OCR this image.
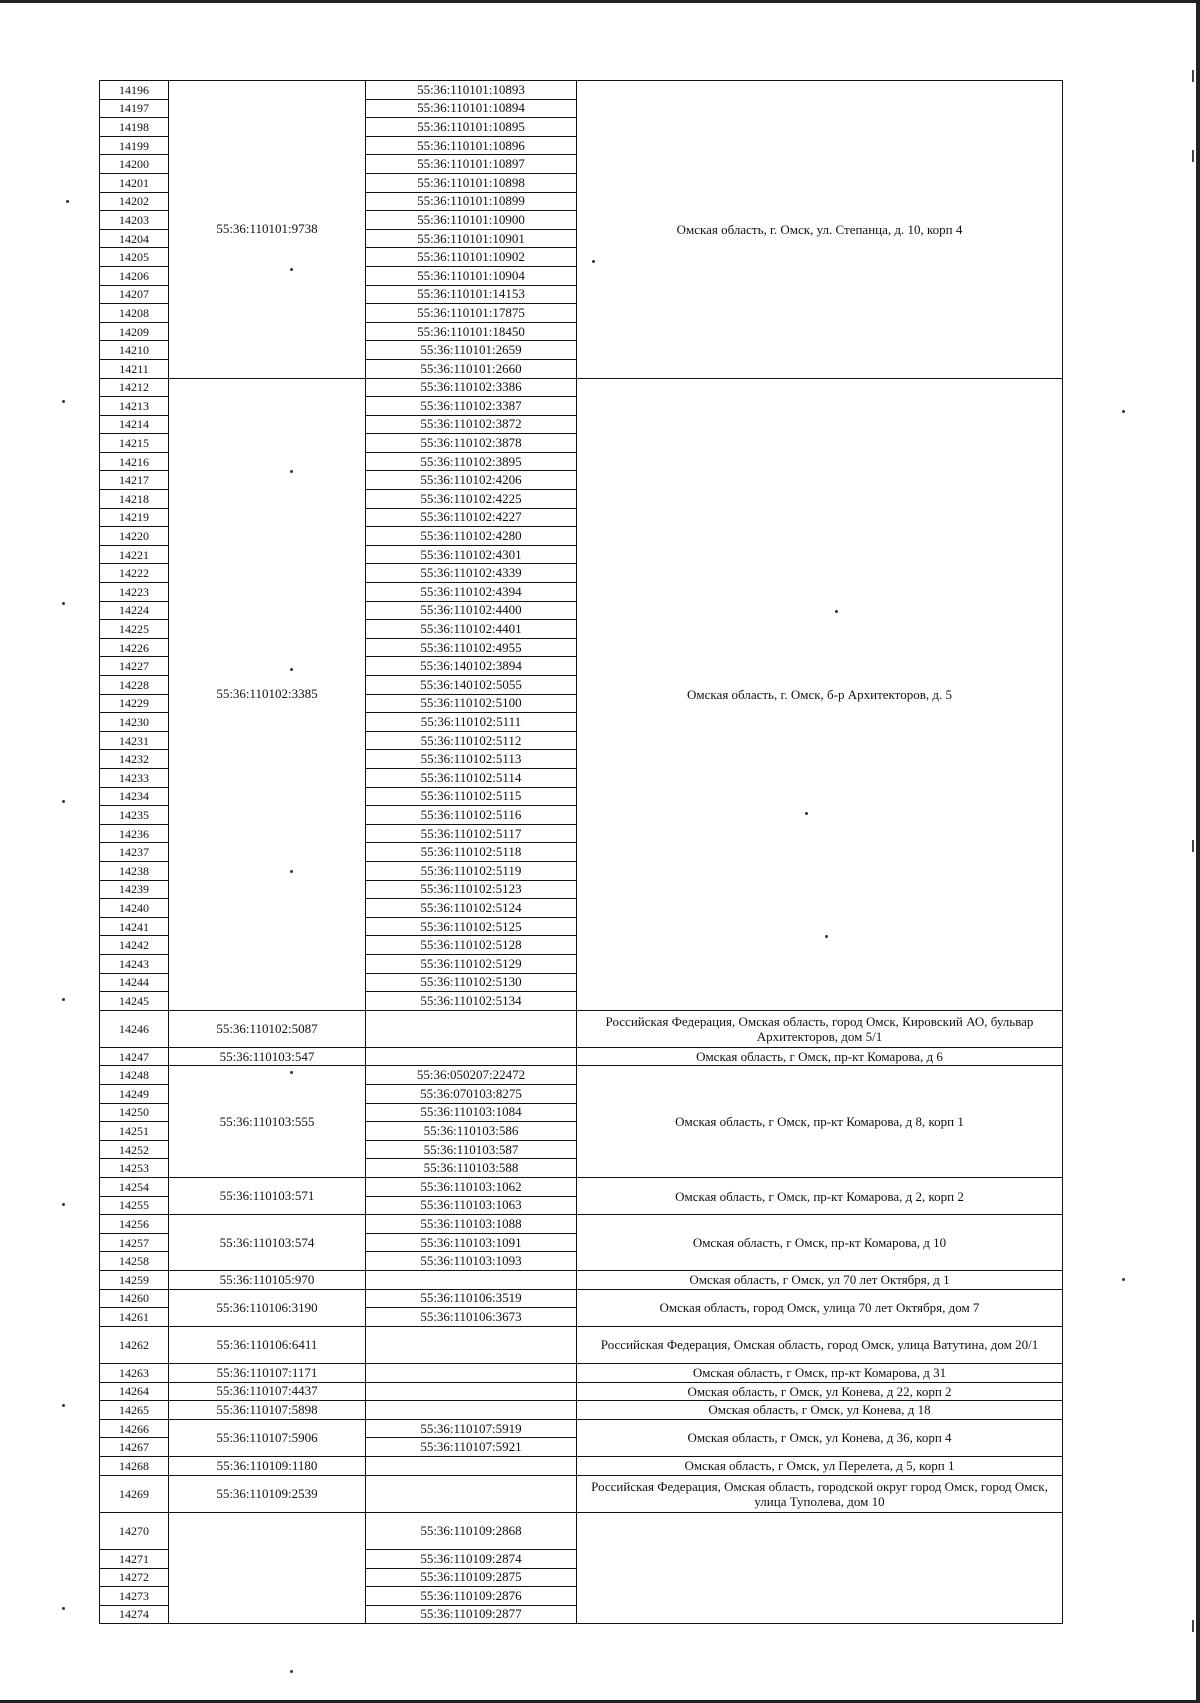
14196	55:36:110101:9738	55:36:110101:10893	Омская область, г. Омск, ул. Степанца, д. 10, корп 4
14197		55:36:110101:10894	
14198		55:36:110101:10895	
14199		55:36:110101:10896	
14200		55:36:110101:10897	
14201		55:36:110101:10898	
14202		55:36:110101:10899	
14203		55:36:110101:10900	
14204		55:36:110101:10901	
14205		55:36:110101:10902	
14206		55:36:110101:10904	
14207		55:36:110101:14153	
14208		55:36:110101:17875	
14209		55:36:110101:18450	
14210		55:36:110101:2659	
14211		55:36:110101:2660	
14212	55:36:110102:3385	55:36:110102:3386	Омская область, г. Омск, б-р Архитекторов, д. 5
14213		55:36:110102:3387	
14214		55:36:110102:3872	
14215		55:36:110102:3878	
14216		55:36:110102:3895	
14217		55:36:110102:4206	
14218		55:36:110102:4225	
14219		55:36:110102:4227	
14220		55:36:110102:4280	
14221		55:36:110102:4301	
14222		55:36:110102:4339	
14223		55:36:110102:4394	
14224		55:36:110102:4400	
14225		55:36:110102:4401	
14226		55:36:110102:4955	
14227		55:36:140102:3894	
14228		55:36:140102:5055	
14229		55:36:110102:5100	
14230		55:36:110102:5111	
14231		55:36:110102:5112	
14232		55:36:110102:5113	
14233		55:36:110102:5114	
14234		55:36:110102:5115	
14235		55:36:110102:5116	
14236		55:36:110102:5117	
14237		55:36:110102:5118	
14238		55:36:110102:5119	
14239		55:36:110102:5123	
14240		55:36:110102:5124	
14241		55:36:110102:5125	
14242		55:36:110102:5128	
14243		55:36:110102:5129	
14244		55:36:110102:5130	
14245		55:36:110102:5134	
14246	55:36:110102:5087		Российская Федерация, Омская область, город Омск, Кировский АО, бульвар Архитекторов, дом 5/1
14247	55:36:110103:547		Омская область, г Омск, пр-кт Комарова, д 6
14248	55:36:110103:555	55:36:050207:22472	Омская область, г Омск, пр-кт Комарова, д 8, корп 1
14249		55:36:070103:8275	
14250		55:36:110103:1084	
14251		55:36:110103:586	
14252		55:36:110103:587	
14253		55:36:110103:588	
14254	55:36:110103:571	55:36:110103:1062	Омская область, г Омск, пр-кт Комарова, д 2, корп 2
14255		55:36:110103:1063	
14256	55:36:110103:574	55:36:110103:1088	Омская область, г Омск, пр-кт Комарова, д 10
14257		55:36:110103:1091	
14258		55:36:110103:1093	
14259	55:36:110105:970		Омская область, г Омск, ул 70 лет Октября, д 1
14260	55:36:110106:3190	55:36:110106:3519	Омская область, город Омск, улица 70 лет Октября, дом 7
14261		55:36:110106:3673	
14262	55:36:110106:6411		Российская Федерация, Омская область, город Омск, улица Ватутина, дом 20/1
14263	55:36:110107:1171		Омская область, г Омск, пр-кт Комарова, д 31
14264	55:36:110107:4437		Омская область, г Омск, ул Конева, д 22, корп 2
14265	55:36:110107:5898		Омская область, г Омск, ул Конева, д 18
14266	55:36:110107:5906	55:36:110107:5919	Омская область, г Омск, ул Конева, д 36, корп 4
14267		55:36:110107:5921	
14268	55:36:110109:1180		Омская область, г Омск, ул Перелета, д 5, корп 1
14269	55:36:110109:2539		Российская Федерация, Омская область, городской округ город Омск, город Омск, улица Туполева, дом 10
14270		55:36:110109:2868	
14271		55:36:110109:2874	
14272		55:36:110109:2875	
14273		55:36:110109:2876	
14274		55:36:110109:2877	
